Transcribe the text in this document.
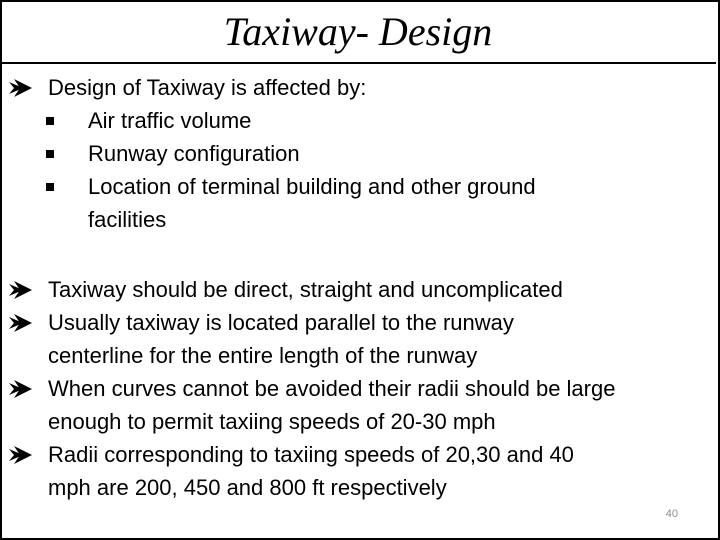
Taxiway- Design
Design of Taxiway is affected by:
Air traffic volume
Runway configuration
Location of terminal building and other ground
facilities
Taxiway should be direct, straight and uncomplicated
Usually taxiway is located parallel to the runway
centerline for the entire length of the runway
When curves cannot be avoided their radii should be large
enough to permit taxiing speeds of 20-30 mph
Radii corresponding to taxiing speeds of 20,30 and 40
mph are 200, 450 and 800 ft respectively
40
